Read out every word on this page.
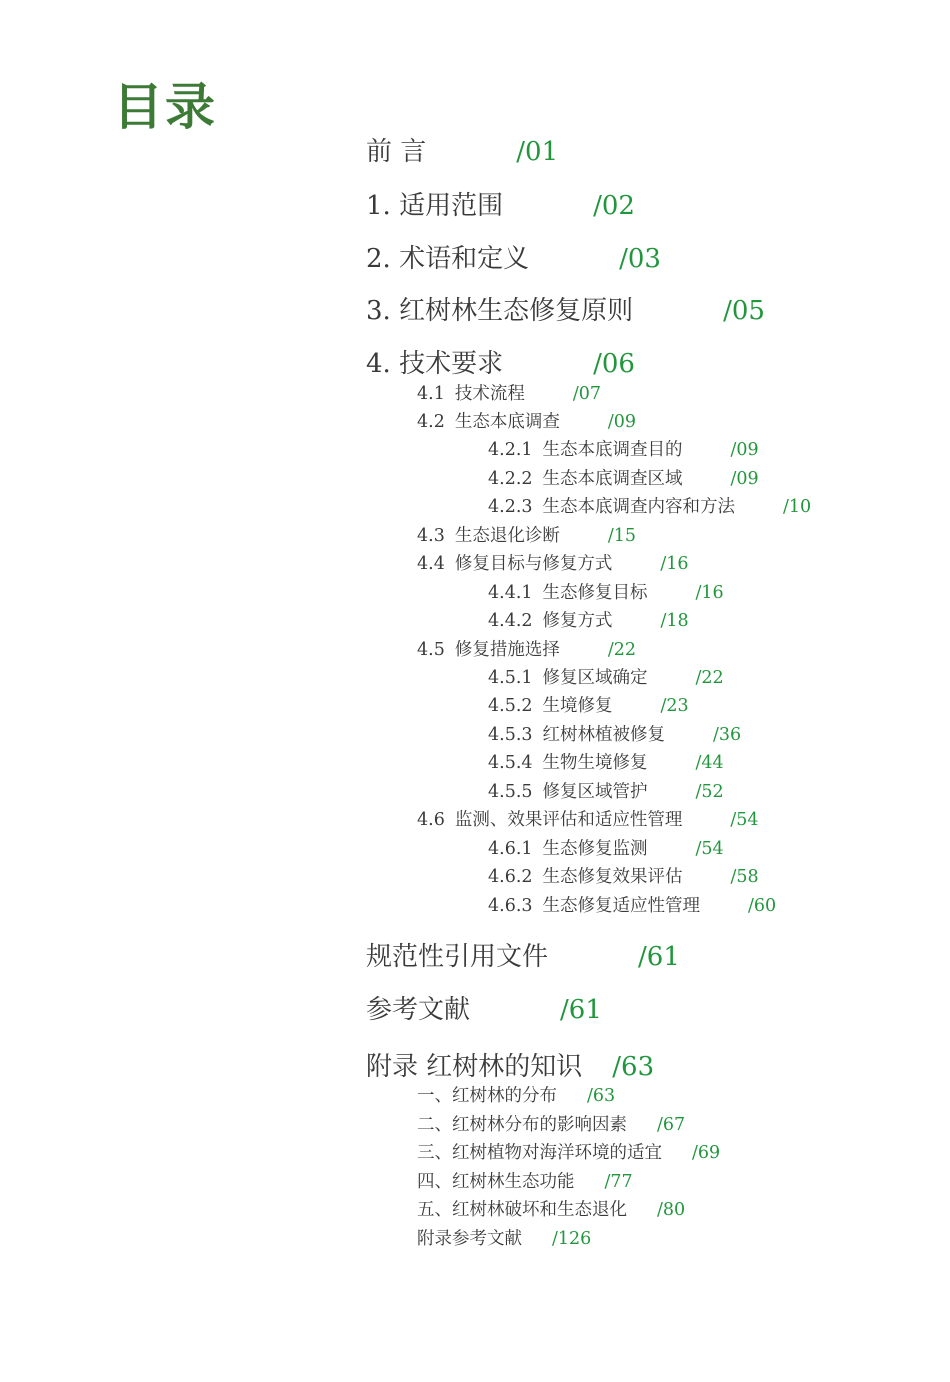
目录
前 言	/01
1. 适用范围	/02
2. 术语和定义	/03
3. 红树林生态修复原则	/05
4. 技术要求	/06
4.1 技术流程	/07
4.2 生态本底调查	/09
4.2.1 生态本底调查目的	/09
4.2.2 生态本底调查区域	/09
4.2.3 生态本底调查内容和方法	/10
4.3 生态退化诊断	/15
4.4 修复目标与修复方式	/16
4.4.1 生态修复目标	/16
4.4.2 修复方式	/18
4.5 修复措施选择	/22
4.5.1 修复区域确定	/22
4.5.2 生境修复	/23
4.5.3 红树林植被修复	/36
4.5.4 生物生境修复	/44
4.5.5 修复区域管护	/52
4.6 监测、效果评估和适应性管理	/54
4.6.1 生态修复监测	/54
4.6.2 生态修复效果评估	/58
4.6.3 生态修复适应性管理	/60
规范性引用文件	/61
参考文献	/61
附录 红树林的知识 /63
一、红树林的分布 /63
二、红树林分布的影响因素 /67
三、红树植物对海洋环境的适宜 /69
四、红树林生态功能 /77
五、红树林破坏和生态退化 /80
附录参考文献 /126
